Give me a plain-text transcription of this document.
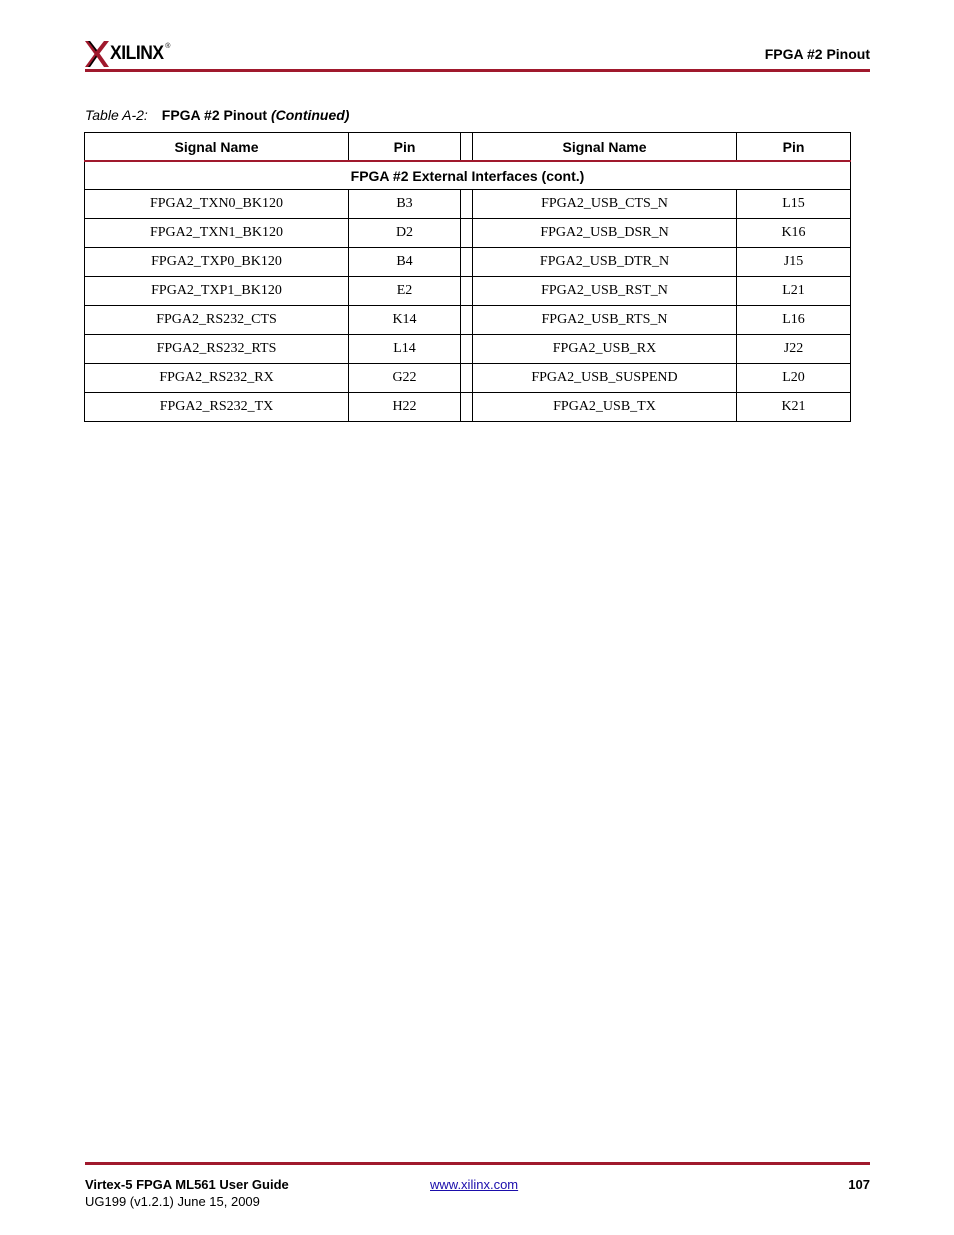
XILINX ®	FPGA #2 Pinout
Table A-2: FPGA #2 Pinout (Continued)
Signal Name	Pin		Signal Name	Pin
FPGA #2 External Interfaces (cont.)				
FPGA2_TXN0_BK120	B3		FPGA2_USB_CTS_N	L15
FPGA2_TXN1_BK120	D2		FPGA2_USB_DSR_N	K16
FPGA2_TXP0_BK120	B4		FPGA2_USB_DTR_N	J15
FPGA2_TXP1_BK120	E2		FPGA2_USB_RST_N	L21
FPGA2_RS232_CTS	K14		FPGA2_USB_RTS_N	L16
FPGA2_RS232_RTS	L14		FPGA2_USB_RX	J22
FPGA2_RS232_RX	G22		FPGA2_USB_SUSPEND	L20
FPGA2_RS232_TX	H22		FPGA2_USB_TX	K21
Virtex-5 FPGA ML561 User Guide
UG199 (v1.2.1) June 15, 2009
www.xilinx.com	107
